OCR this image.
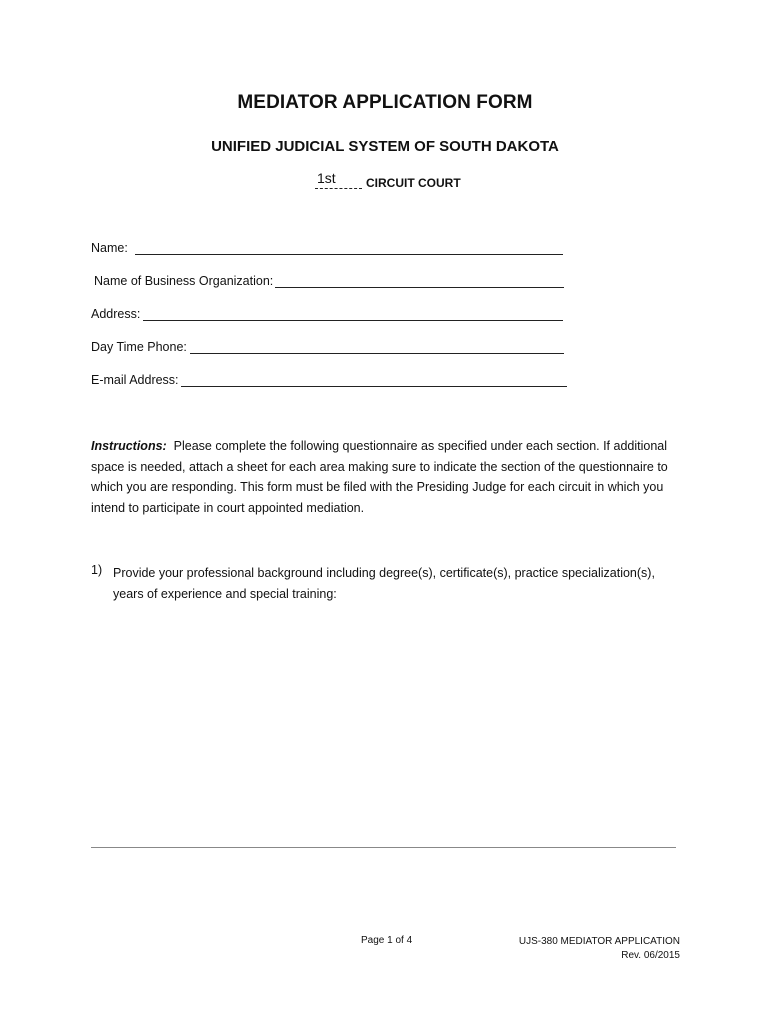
MEDIATOR APPLICATION FORM
UNIFIED JUDICIAL SYSTEM OF SOUTH DAKOTA
1st	CIRCUIT COURT
Name:
Name of Business Organization:
Address:
Day Time Phone:
E-mail Address:
Instructions: Please complete the following questionnaire as specified under each section. If additional space is needed, attach a sheet for each area making sure to indicate the section of the questionnaire to which you are responding. This form must be filed with the Presiding Judge for each circuit in which you intend to participate in court appointed mediation.
1) Provide your professional background including degree(s), certificate(s), practice specialization(s), years of experience and special training:
Page 1 of 4	UJS-380 MEDIATOR APPLICATION
Rev. 06/2015
